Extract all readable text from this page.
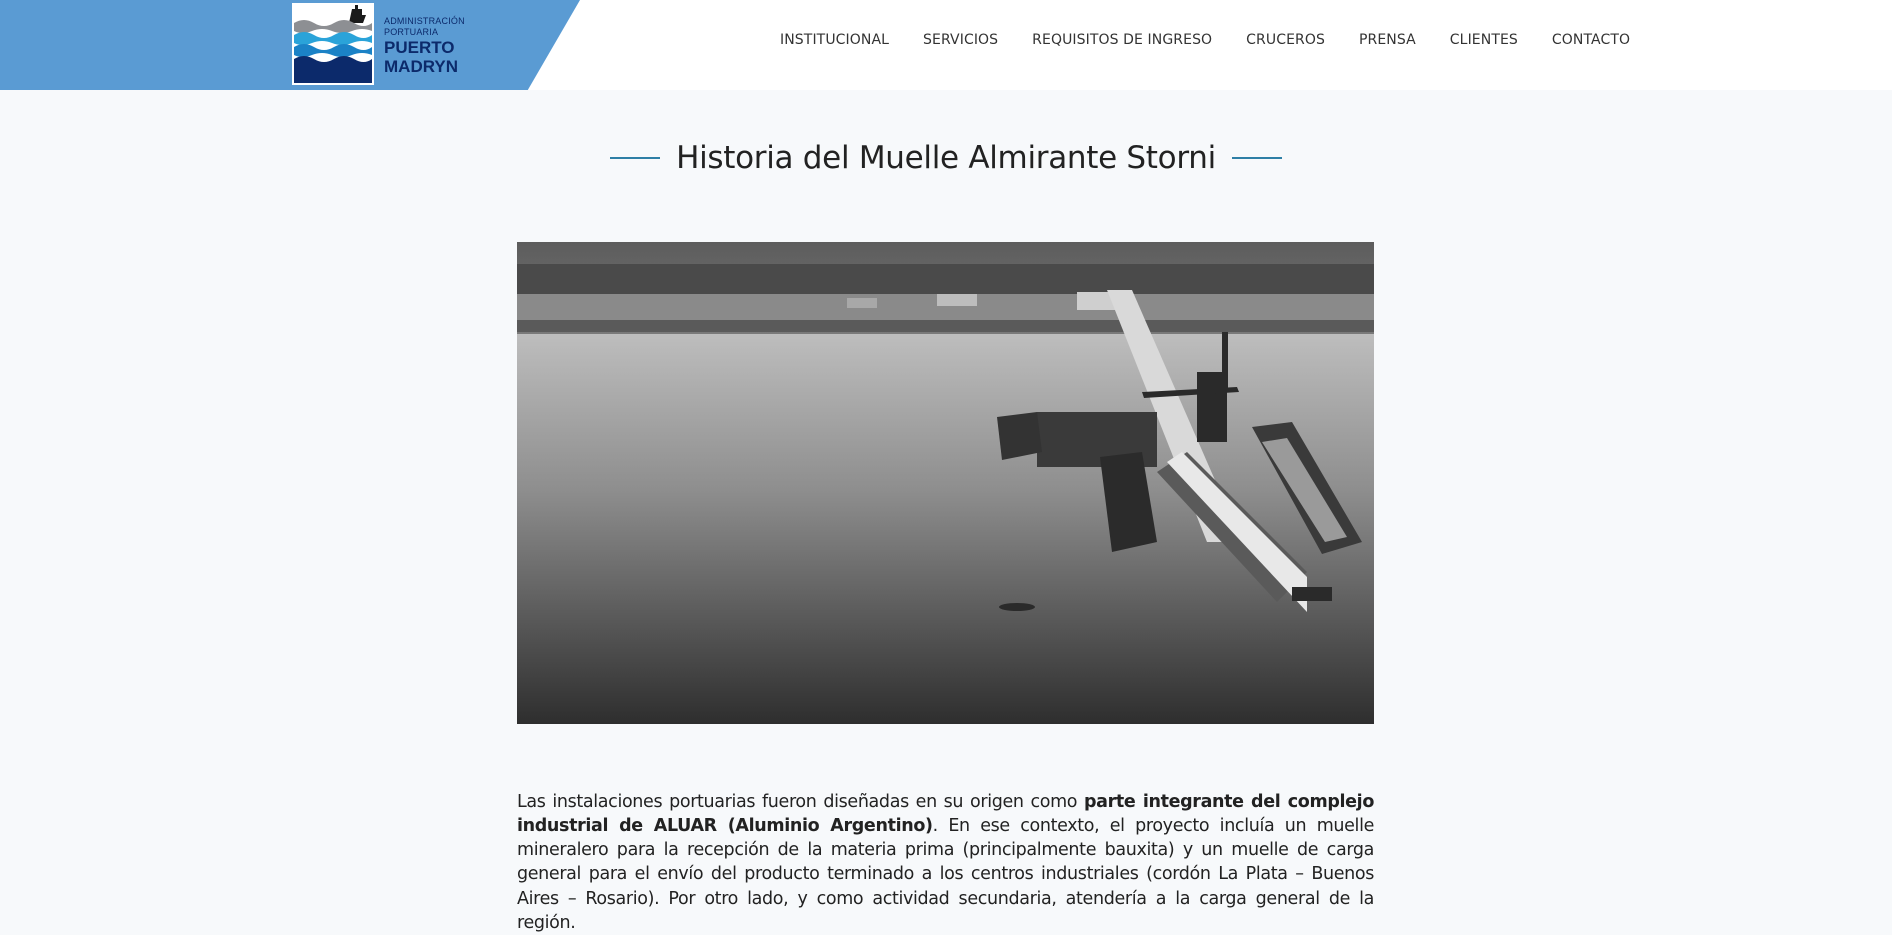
ADMINISTRACIÓN
PORTUARIA
PUERTO
MADRYN
INSTITUCIONAL SERVICIOS REQUISITOS DE INGRESO CRUCEROS PRENSA CLIENTES CONTACTO
Historia del Muelle Almirante Storni

Las instalaciones portuarias fueron diseñadas en su origen como parte integrante del complejo industrial de ALUAR (Aluminio Argentino). En ese contexto, el proyecto incluía un muelle mineralero para la recepción de la materia prima (principalmente bauxita) y un muelle de carga general para el envío del producto terminado a los centros industriales (cordón La Plata – Buenos Aires – Rosario). Por otro lado, y como actividad secundaria, atendería a la carga general de la región.
